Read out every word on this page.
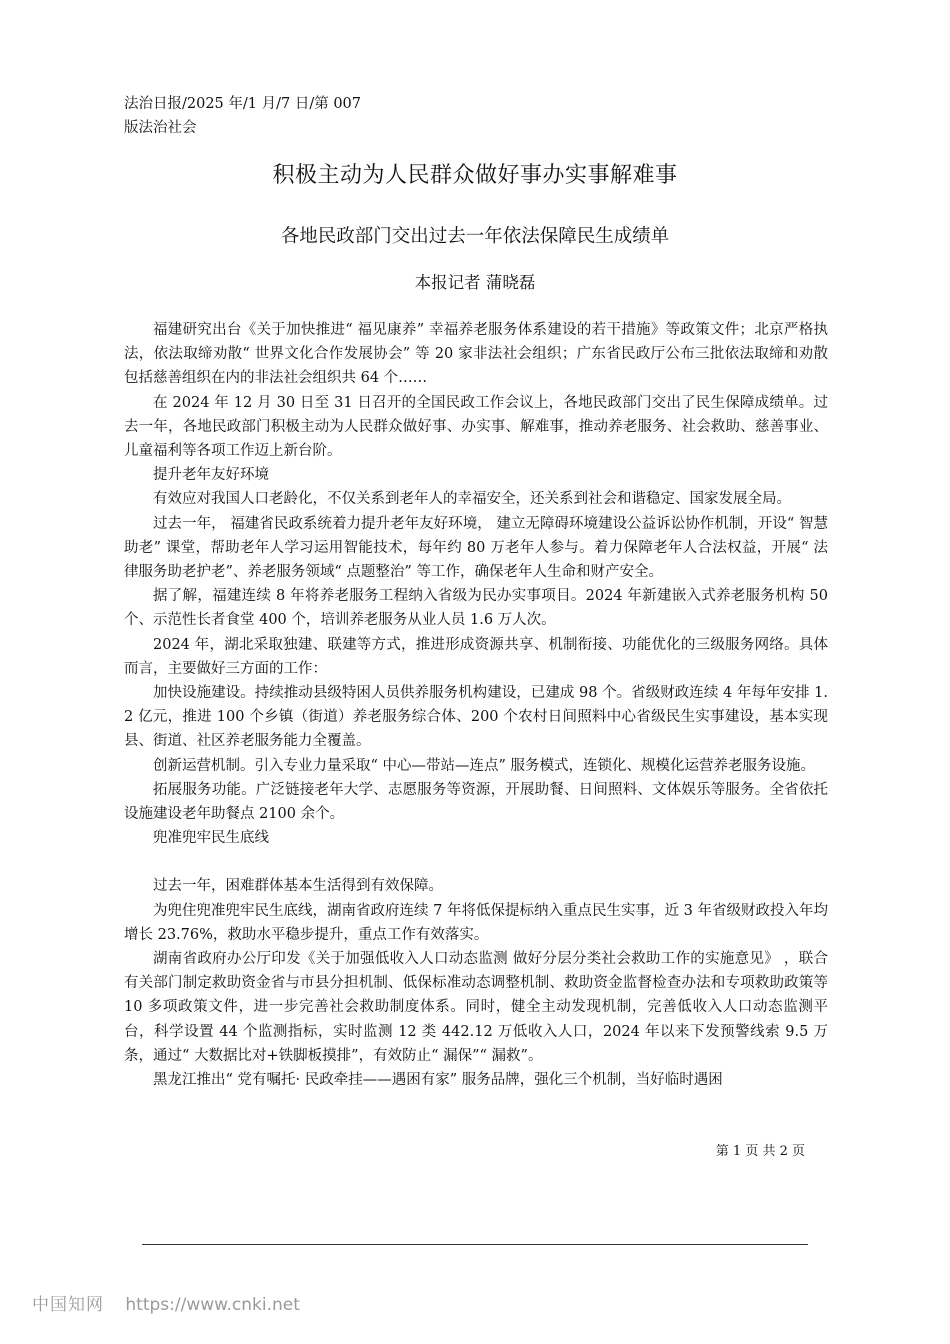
法治日报/2025 年/1 月/7 日/第 007
版法治社会
积极主动为人民群众做好事办实事解难事
各地民政部门交出过去一年依法保障民生成绩单
本报记者 蒲晓磊

福建研究出台《关于加快推进“ 福见康养” 幸福养老服务体系建设的若干措施》等政策文件；北京严格执法，依法取缔劝散“ 世界文化合作发展协会” 等 20 家非法社会组织；广东省民政厅公布三批依法取缔和劝散包括慈善组织在内的非法社会组织共 64 个……

在 2024 年 12 月 30 日至 31 日召开的全国民政工作会议上，各地民政部门交出了民生保障成绩单。过去一年，各地民政部门积极主动为人民群众做好事、办实事、解难事，推动养老服务、社会救助、慈善事业、儿童福利等各项工作迈上新台阶。

提升老年友好环境

有效应对我国人口老龄化，不仅关系到老年人的幸福安全，还关系到社会和谐稳定、国家发展全局。

过去一年， 福建省民政系统着力提升老年友好环境， 建立无障碍环境建设公益诉讼协作机制，开设“ 智慧助老” 课堂，帮助老年人学习运用智能技术，每年约 80 万老年人参与。着力保障老年人合法权益，开展“ 法律服务助老护老”、养老服务领域“ 点题整治” 等工作，确保老年人生命和财产安全。

据了解，福建连续 8 年将养老服务工程纳入省级为民办实事项目。2024 年新建嵌入式养老服务机构 50 个、示范性长者食堂 400 个，培训养老服务从业人员 1.6 万人次。

2024 年，湖北采取独建、联建等方式，推进形成资源共享、机制衔接、功能优化的三级服务网络。具体而言，主要做好三方面的工作：

加快设施建设。持续推动县级特困人员供养服务机构建设，已建成 98 个。省级财政连续 4 年每年安排 1.2 亿元，推进 100 个乡镇（街道）养老服务综合体、200 个农村日间照料中心省级民生实事建设，基本实现县、街道、社区养老服务能力全覆盖。

创新运营机制。引入专业力量采取“ 中心—带站—连点” 服务模式，连锁化、规模化运营养老服务设施。

拓展服务功能。广泛链接老年大学、志愿服务等资源，开展助餐、日间照料、文体娱乐等服务。全省依托设施建设老年助餐点 2100 余个。

兜准兜牢民生底线

过去一年，困难群体基本生活得到有效保障。

为兜住兜准兜牢民生底线，湖南省政府连续 7 年将低保提标纳入重点民生实事，近 3 年省级财政投入年均增长 23.76%，救助水平稳步提升，重点工作有效落实。

湖南省政府办公厅印发《关于加强低收入人口动态监测 做好分层分类社会救助工作的实施意见》 ，联合有关部门制定救助资金省与市县分担机制、低保标准动态调整机制、救助资金监督检查办法和专项救助政策等 10 多项政策文件，进一步完善社会救助制度体系。同时，健全主动发现机制，完善低收入人口动态监测平台，科学设置 44 个监测指标，实时监测 12 类 442.12 万低收入人口，2024 年以来下发预警线索 9.5 万条，通过“ 大数据比对+铁脚板摸排”，有效防止“ 漏保”“ 漏救”。

黑龙江推出“ 党有嘱托· 民政牵挂——遇困有家” 服务品牌，强化三个机制，当好临时遇困

第 1 页 共 2 页
中国知网 https://www.cnki.net
